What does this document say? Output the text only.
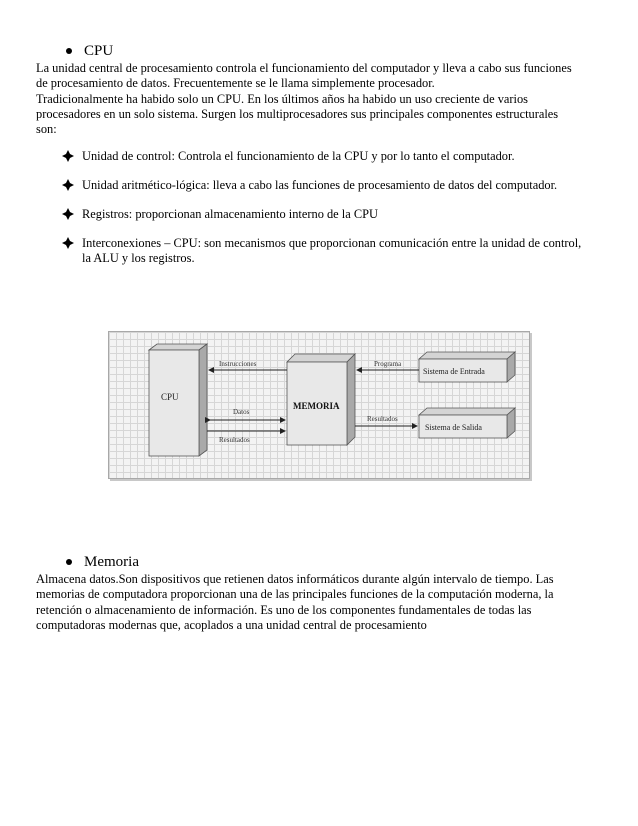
CPU

La unidad central de procesamiento controla el funcionamiento del computador y lleva a cabo sus funciones

de procesamiento de datos. Frecuentemente se le llama simplemente procesador.

Tradicionalmente ha habido solo un CPU. En los últimos años ha habido un uso creciente de varios

procesadores en un solo sistema. Surgen los multiprocesadores sus principales componentes estructurales

son:

Unidad de control: Controla el funcionamiento de la CPU y por lo tanto el computador.
Unidad aritmético-lógica: lleva a cabo las funciones de procesamiento de datos del computador.
Registros: proporcionan almacenamiento interno de la CPU
Interconexiones – CPU: son mecanismos que proporcionan comunicación entre la unidad de control,
la ALU y los registros.
CPU
MEMORIA
Sistema de Entrada
Sistema de Salida
Instrucciones
Datos
Resultados
Programa
Resultados
Memoria

Almacena datos.Son dispositivos que retienen datos informáticos durante algún intervalo de tiempo. Las

memorias de computadora proporcionan una de las principales funciones de la computación moderna, la

retención o almacenamiento de información. Es uno de los componentes fundamentales de todas las

computadoras modernas que, acoplados a una unidad central de procesamiento
